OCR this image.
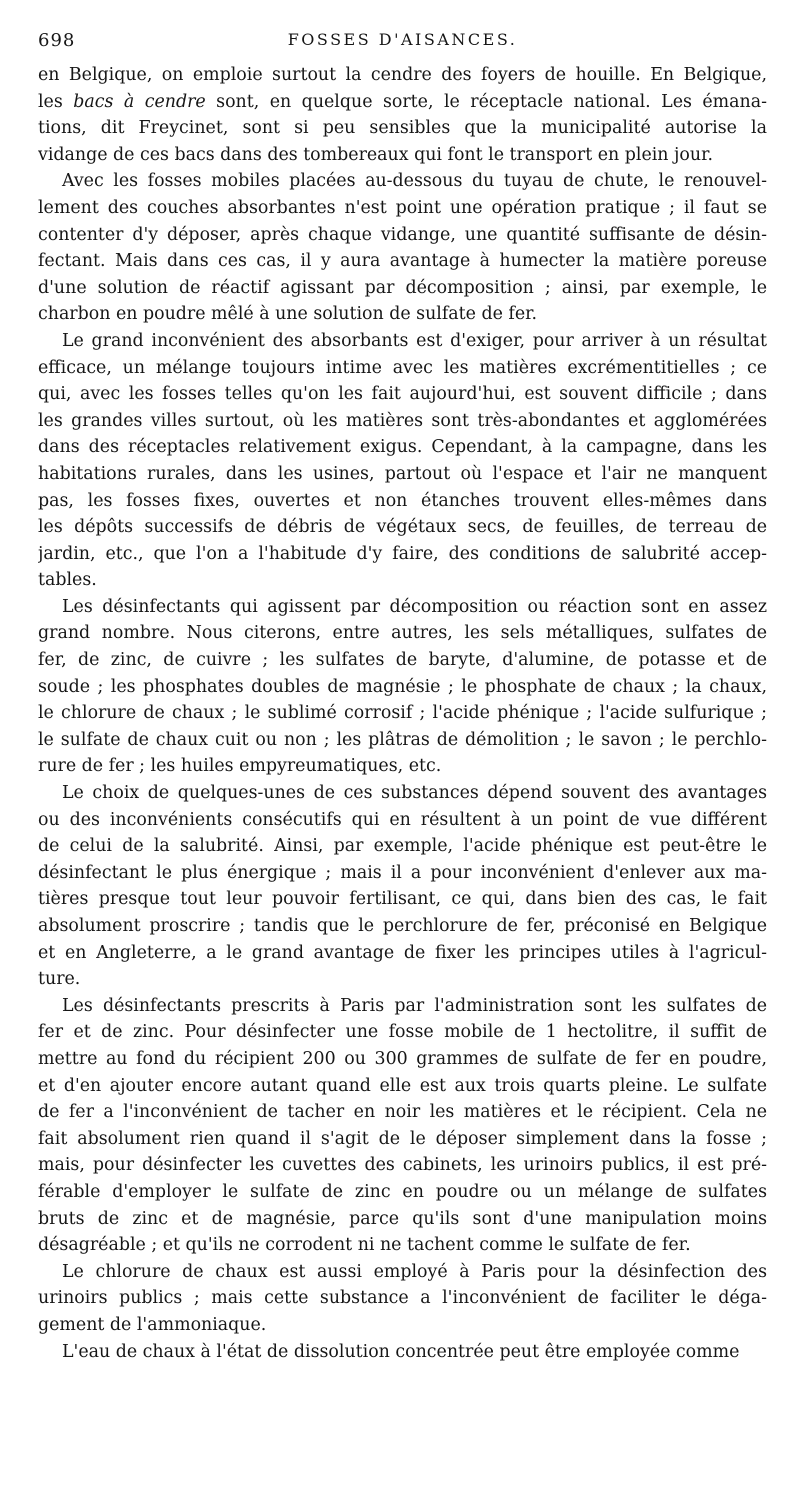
698	FOSSES D'AISANCES.
en Belgique, on emploie surtout la cendre des foyers de houille. En Belgique,
les bacs à cendre sont, en quelque sorte, le réceptacle national. Les émana-
tions, dit Freycinet, sont si peu sensibles que la municipalité autorise la
vidange de ces bacs dans des tombereaux qui font le transport en plein jour.
Avec les fosses mobiles placées au-dessous du tuyau de chute, le renouvel-
lement des couches absorbantes n'est point une opération pratique ; il faut se
contenter d'y déposer, après chaque vidange, une quantité suffisante de désin-
fectant. Mais dans ces cas, il y aura avantage à humecter la matière poreuse
d'une solution de réactif agissant par décomposition ; ainsi, par exemple, le
charbon en poudre mêlé à une solution de sulfate de fer.
Le grand inconvénient des absorbants est d'exiger, pour arriver à un résultat
efficace, un mélange toujours intime avec les matières excrémentitielles ; ce
qui, avec les fosses telles qu'on les fait aujourd'hui, est souvent difficile ; dans
les grandes villes surtout, où les matières sont très-abondantes et agglomérées
dans des réceptacles relativement exigus. Cependant, à la campagne, dans les
habitations rurales, dans les usines, partout où l'espace et l'air ne manquent
pas, les fosses fixes, ouvertes et non étanches trouvent elles-mêmes dans
les dépôts successifs de débris de végétaux secs, de feuilles, de terreau de
jardin, etc., que l'on a l'habitude d'y faire, des conditions de salubrité accep-
tables.
Les désinfectants qui agissent par décomposition ou réaction sont en assez
grand nombre. Nous citerons, entre autres, les sels métalliques, sulfates de
fer, de zinc, de cuivre ; les sulfates de baryte, d'alumine, de potasse et de
soude ; les phosphates doubles de magnésie ; le phosphate de chaux ; la chaux,
le chlorure de chaux ; le sublimé corrosif ; l'acide phénique ; l'acide sulfurique ;
le sulfate de chaux cuit ou non ; les plâtras de démolition ; le savon ; le perchlo-
rure de fer ; les huiles empyreumatiques, etc.
Le choix de quelques-unes de ces substances dépend souvent des avantages
ou des inconvénients consécutifs qui en résultent à un point de vue différent
de celui de la salubrité. Ainsi, par exemple, l'acide phénique est peut-être le
désinfectant le plus énergique ; mais il a pour inconvénient d'enlever aux ma-
tières presque tout leur pouvoir fertilisant, ce qui, dans bien des cas, le fait
absolument proscrire ; tandis que le perchlorure de fer, préconisé en Belgique
et en Angleterre, a le grand avantage de fixer les principes utiles à l'agricul-
ture.
Les désinfectants prescrits à Paris par l'administration sont les sulfates de
fer et de zinc. Pour désinfecter une fosse mobile de 1 hectolitre, il suffit de
mettre au fond du récipient 200 ou 300 grammes de sulfate de fer en poudre,
et d'en ajouter encore autant quand elle est aux trois quarts pleine. Le sulfate
de fer a l'inconvénient de tacher en noir les matières et le récipient. Cela ne
fait absolument rien quand il s'agit de le déposer simplement dans la fosse ;
mais, pour désinfecter les cuvettes des cabinets, les urinoirs publics, il est pré-
férable d'employer le sulfate de zinc en poudre ou un mélange de sulfates
bruts de zinc et de magnésie, parce qu'ils sont d'une manipulation moins
désagréable ; et qu'ils ne corrodent ni ne tachent comme le sulfate de fer.
Le chlorure de chaux est aussi employé à Paris pour la désinfection des
urinoirs publics ; mais cette substance a l'inconvénient de faciliter le déga-
gement de l'ammoniaque.
L'eau de chaux à l'état de dissolution concentrée peut être employée comme
